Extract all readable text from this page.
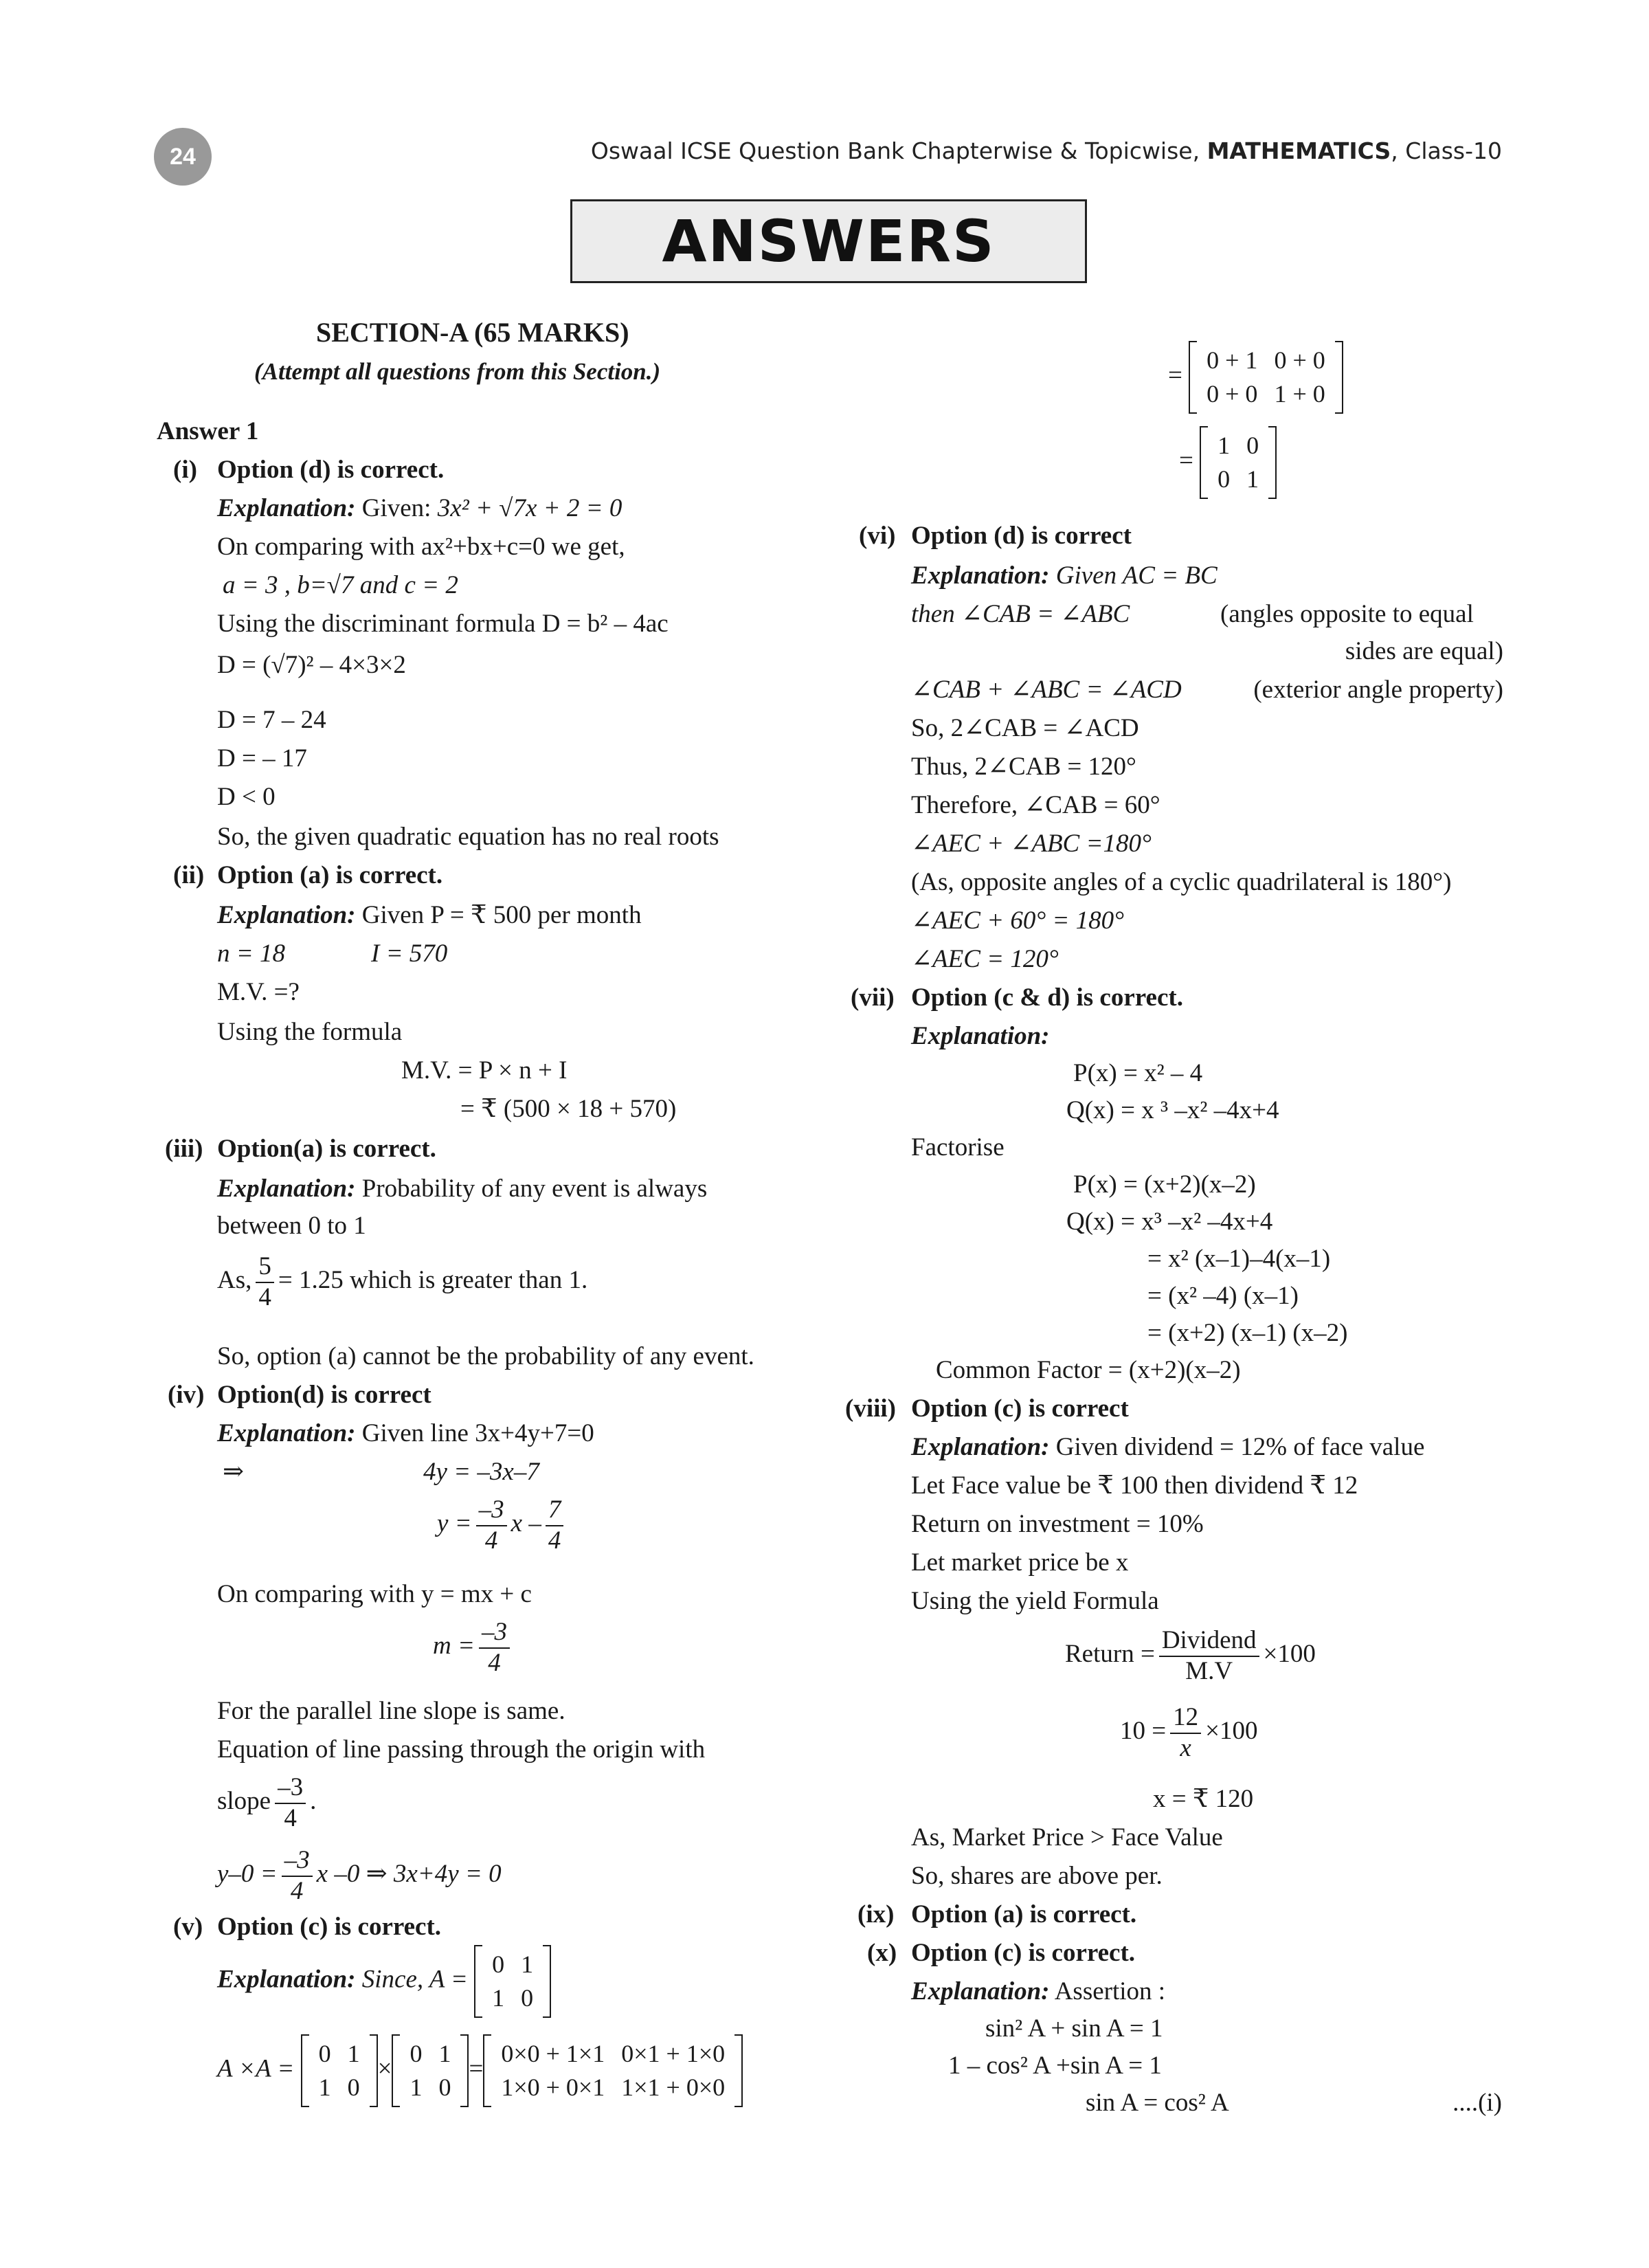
24	Oswaal ICSE Question Bank Chapterwise & Topicwise, MATHEMATICS, Class-10
ANSWERS
SECTION-A (65 MARKS)
(Attempt all questions from this Section.)
Answer 1
(i) Option (d) is correct.
Explanation: Given: 3x² + √7x + 2 = 0
On comparing with ax²+bx+c=0 we get,
a = 3 , b=√7 and c = 2
Using the discriminant formula D = b² – 4ac
D = (√7)² – 4×3×2
D = 7 – 24
D = – 17
D < 0
So, the given quadratic equation has no real roots
(ii) Option (a) is correct.
Explanation: Given P = ₹ 500 per month
n = 18	I = 570
M.V. =?
Using the formula
M.V. = P × n + I
= ₹ (500 × 18 + 570)
(iii) Option(a) is correct.
Explanation: Probability of any event is always
between 0 to 1
As, $\frac{5}{4} = 1.25$ which is greater than 1.
So, option (a) cannot be the probability of any event.
(iv) Option(d) is correct
Explanation: Given line 3x+4y+7=0
⇒	4y = –3x–7
$y = \frac{-3}{4}$ x – $\frac{7}{4}$
On comparing with y = mx + c
$m = \frac{-3}{4}$
For the parallel line slope is same.
Equation of line passing through the origin with
slope $\frac{-3}{4}$ .
$y-0 = \frac{-3}{4}$ x –0 ⇒ 3x+4y = 0
(v) Option (c) is correct.
Explanation: Since, A =
0	1
1	0
A ×A =
0	1
1	0
×
0	1
1	0
=
0×0 + 1×1	0×1 + 1×0
1×0 + 0×1	1×1 + 0×0
=
0 + 1	0 + 0
0 + 0	1 + 0
=
1	0
0	1
(vi) Option (d) is correct
Explanation: Given AC = BC
then ∠CAB = ∠ABC	(angles opposite to equal
sides are equal)
∠CAB + ∠ABC = ∠ACD	(exterior angle property)
So, 2∠CAB = ∠ACD
Thus, 2∠CAB = 120°
Therefore, ∠CAB = 60°
∠AEC + ∠ABC =180°
(As, opposite angles of a cyclic quadrilateral is 180°)
∠AEC + 60° = 180°
∠AEC = 120°
(vii) Option (c & d) is correct.
Explanation:
P(x) = x² – 4
Q(x) = x ³ –x² –4x+4
Factorise
P(x) = (x+2)(x–2)
Q(x) = x³ –x² –4x+4
= x² (x–1)–4(x–1)
= (x² –4) (x–1)
= (x+2) (x–1) (x–2)
Common Factor = (x+2)(x–2)
(viii) Option (c) is correct
Explanation: Given dividend = 12% of face value
Let Face value be ₹ 100 then dividend ₹ 12
Return on investment = 10%
Let market price be x
Using the yield Formula
Return = $\frac{\text{Dividend}}{M.V} \times 100$
$10 = \frac{12}{x} \times 100$
x = ₹ 120
As, Market Price > Face Value
So, shares are above per.
(ix) Option (a) is correct.
(x) Option (c) is correct.
Explanation: Assertion :
sin² A + sin A = 1
1 – cos² A +sin A = 1
sin A = cos² A	....(i)
